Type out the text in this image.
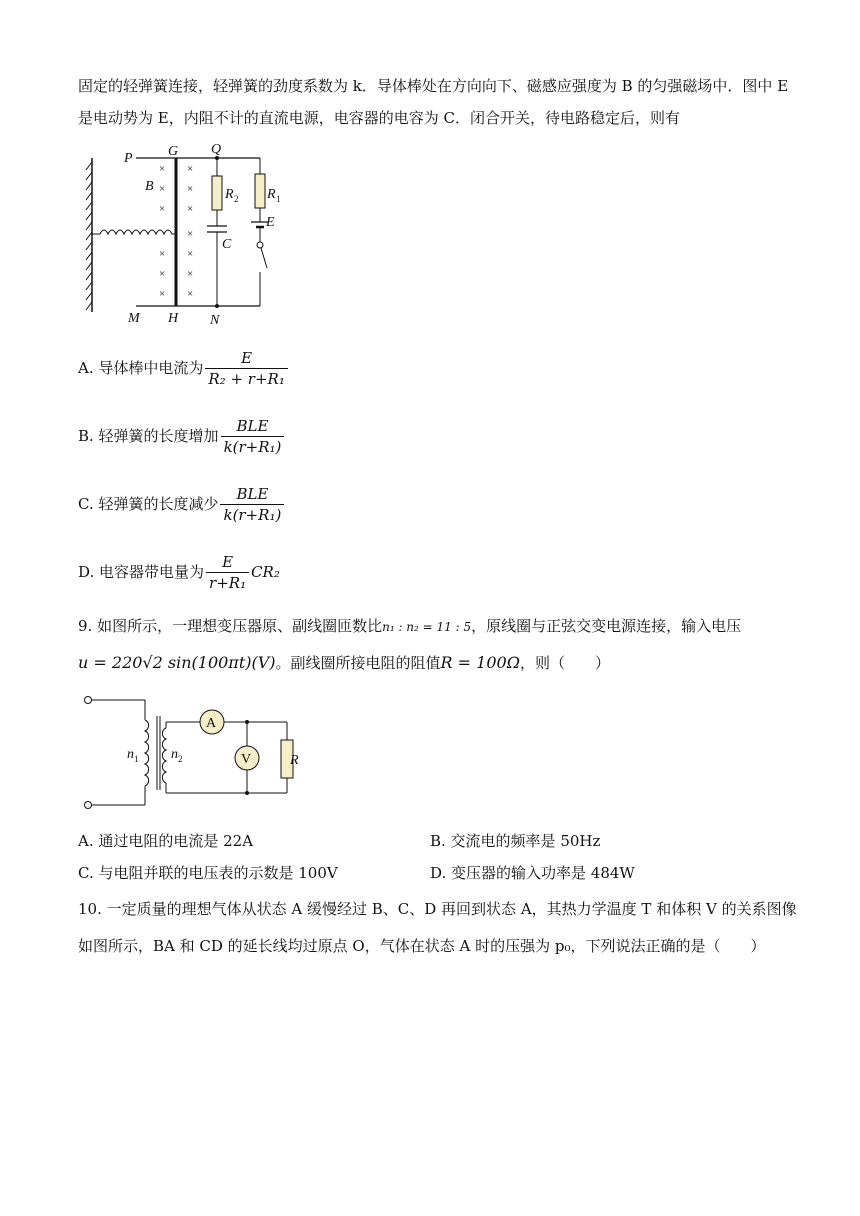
固定的轻弹簧连接，轻弹簧的劲度系数为 k．导体棒处在方向向下、磁感应强度为 B 的匀强磁场中．图中 E
是电动势为 E，内阻不计的直流电源，电容器的电容为 C．闭合开关，待电路稳定后，则有
×
×
×
×
×
×
×
×
×
×
×
×
×
P	G Q
B
R 2 R 1
E
C
M H N
A. 导体棒中电流为 $\frac{E}{\text{R₂ + r+R₁}}$
B. 轻弹簧的长度增加 $\frac{\text{BLE}}{\text{k(r+R₁)}}$
C. 轻弹簧的长度减少 $\frac{\text{BLE}}{\text{k(r+R₁)}}$
D. 电容器带电量为 $\frac{E}{\text{r+R₁}} CR_2$
9. 如图所示，一理想变压器原、副线圈匝数比n₁ : n₂ = 11 : 5，原线圈与正弦交变电源连接，输入电压
u = 220√2 sin(100πt)(V)。副线圈所接电阻的阻值R = 100Ω，则（　　）
A
V
n 1 n 2	R
A. 通过电阻的电流是 22A	B. 交流电的频率是 50Hz
C. 与电阻并联的电压表的示数是 100V	D. 变压器的输入功率是 484W
10. 一定质量的理想气体从状态 A 缓慢经过 B、C、D 再回到状态 A，其热力学温度 T 和体积 V 的关系图像
如图所示，BA 和 CD 的延长线均过原点 O，气体在状态 A 时的压强为 p₀，下列说法正确的是（　　）
